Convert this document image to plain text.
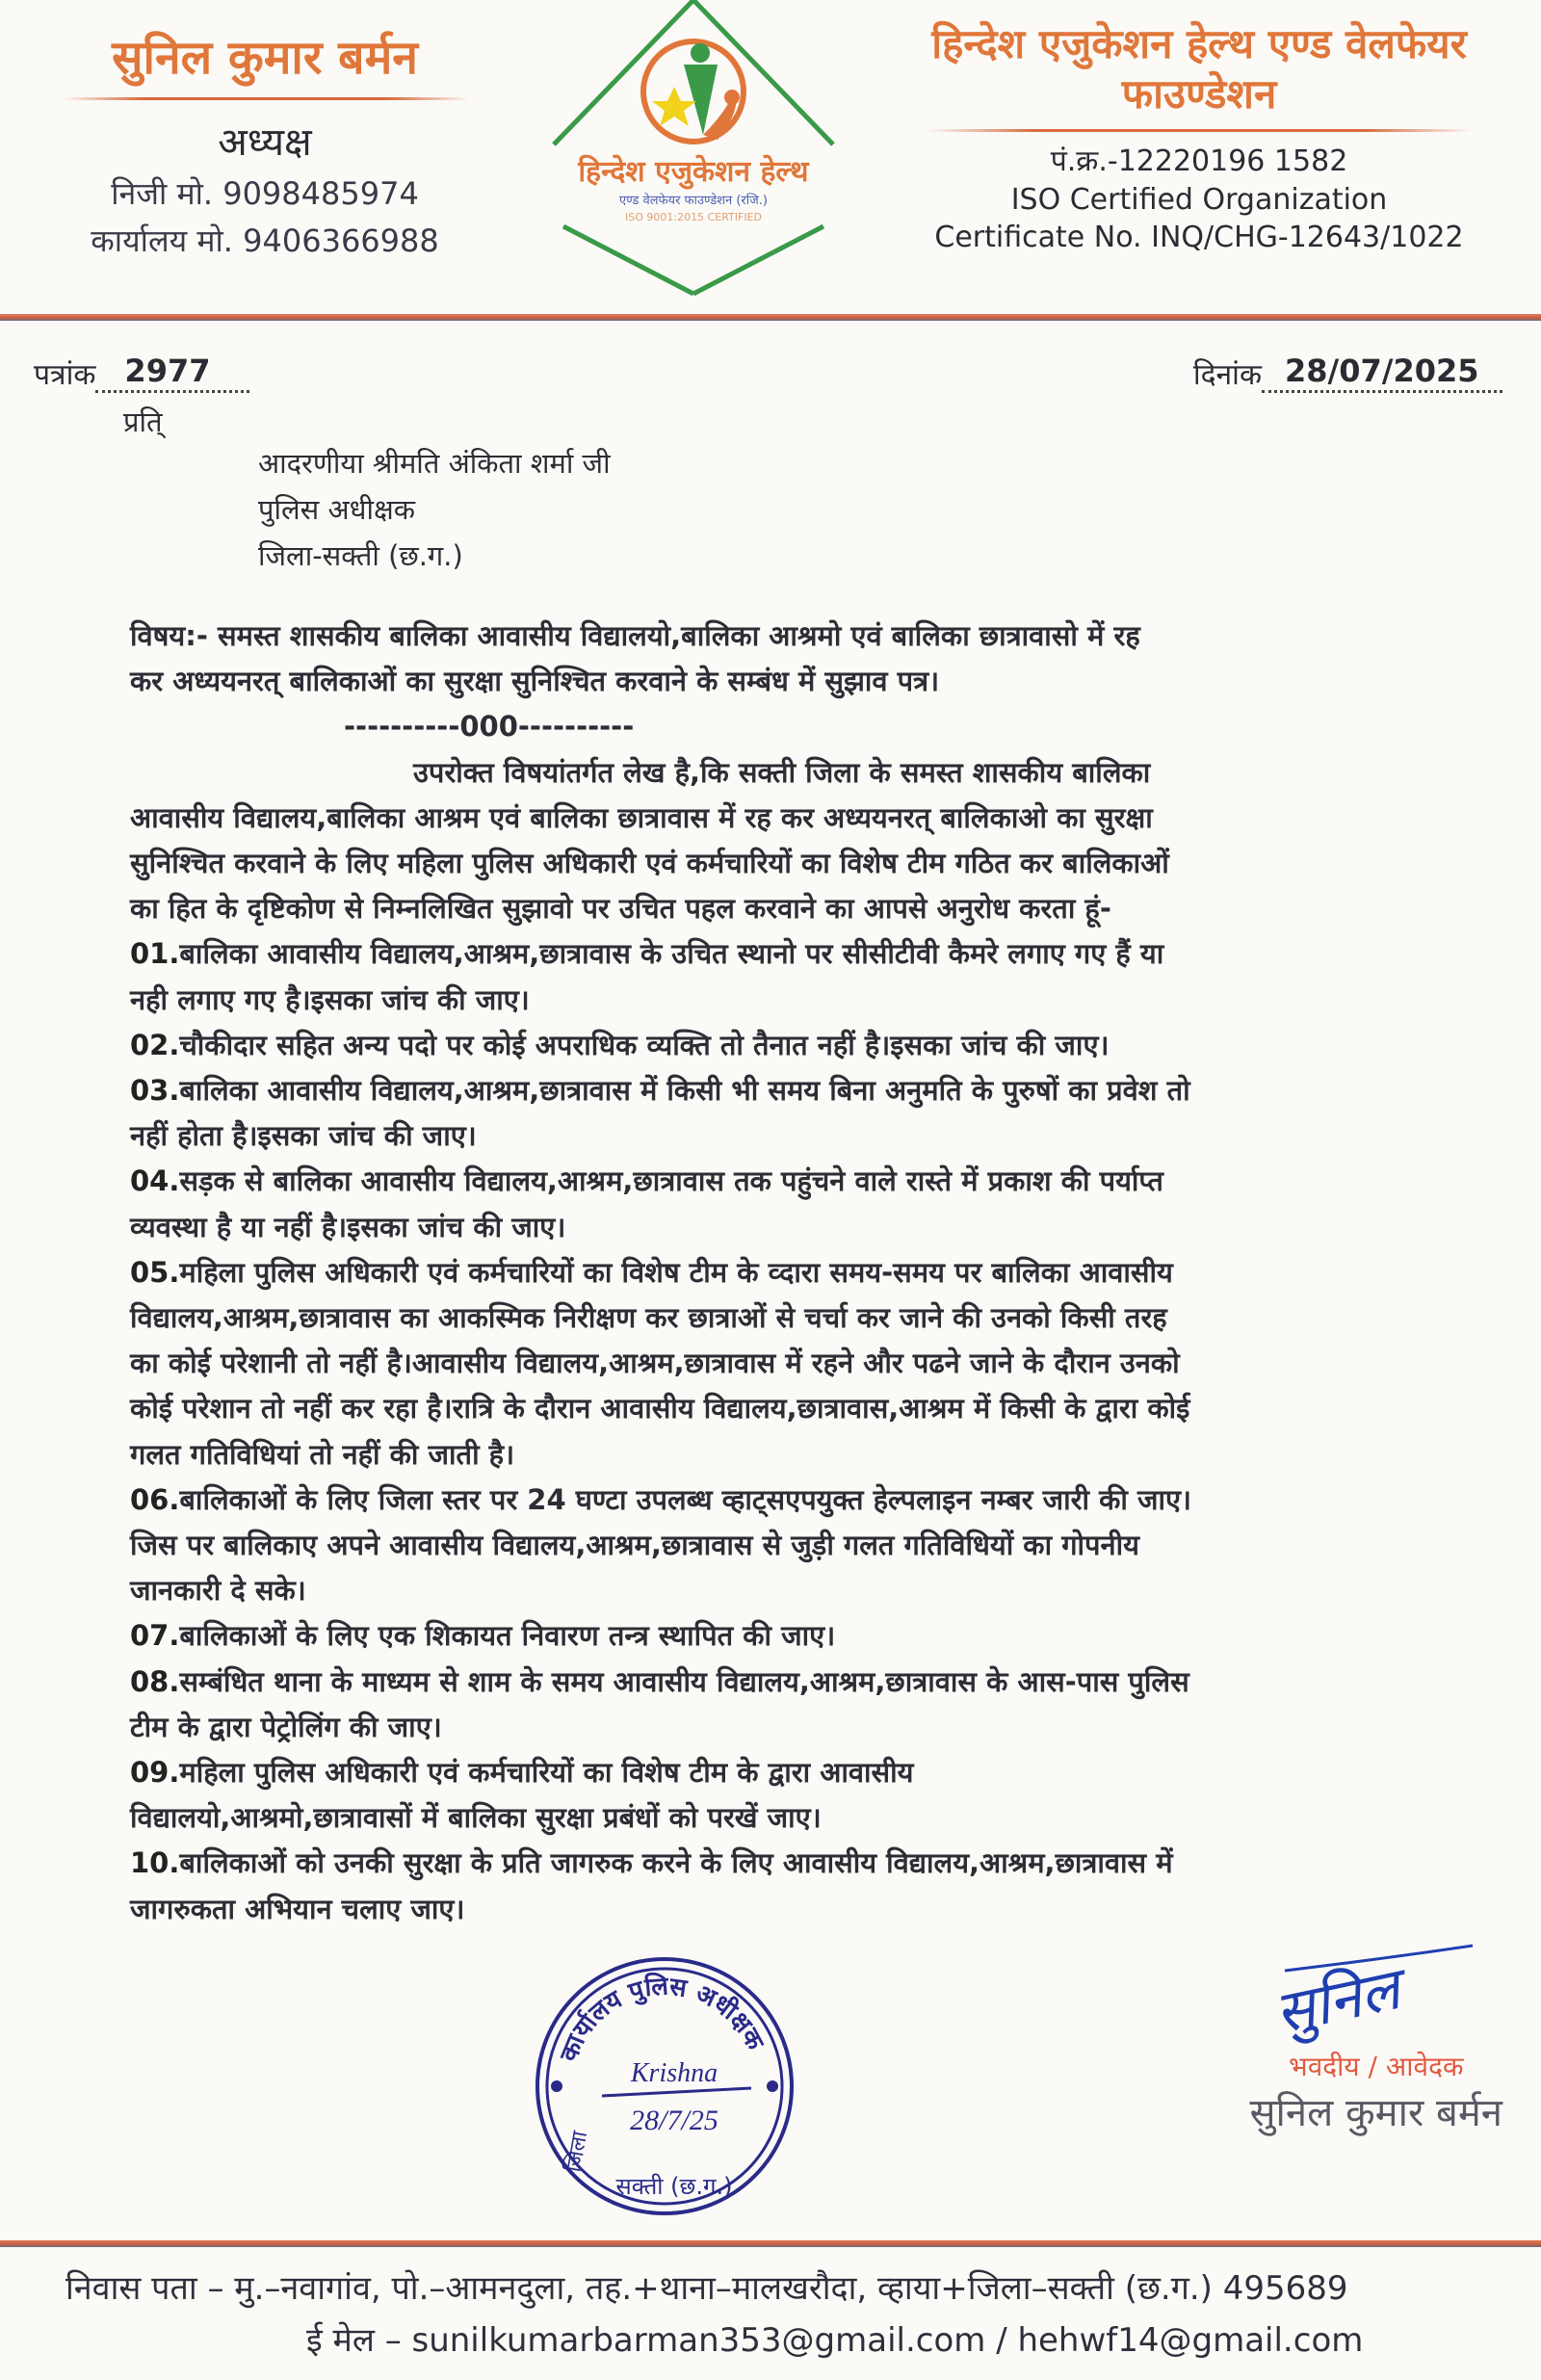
सुनिल कुमार बर्मन
अध्यक्ष
निजी मो. 9098485974
कार्यालय मो. 9406366988
हिन्देश एजुकेशन हेल्थ
एण्ड वेलफेयर फाउण्डेशन (रजि.)
ISO 9001:2015 CERTIFIED
हिन्देश एजुकेशन हेल्थ एण्ड वेलफेयर फाउण्डेशन
पं.क्र.-12220196 1582
ISO Certified Organization
Certificate No. INQ/CHG-12643/1022
पत्रांक 2977	दिनांक 28/07/2025
प्रति्
आदरणीया श्रीमति अंकिता शर्मा जी
पुलिस अधीक्षक
जिला-सक्ती (छ.ग.)
विषय:- समस्त शासकीय बालिका आवासीय विद्यालयो,बालिका आश्रमो एवं बालिका छात्रावासो में रह
कर अध्ययनरत् बालिकाओं का सुरक्षा सुनिश्चित करवाने के सम्बंध में सुझाव पत्र।
----------000----------
उपरोक्त विषयांतर्गत लेख है,कि सक्ती जिला के समस्त शासकीय बालिका
आवासीय विद्यालय,बालिका आश्रम एवं बालिका छात्रावास में रह कर अध्ययनरत् बालिकाओ का सुरक्षा
सुनिश्चित करवाने के लिए महिला पुलिस अधिकारी एवं कर्मचारियों का विशेष टीम गठित कर बालिकाओं
का हित के दृष्टिकोण से निम्नलिखित सुझावो पर उचित पहल करवाने का आपसे अनुरोध करता हूं-
01.बालिका आवासीय विद्यालय,आश्रम,छात्रावास के उचित स्थानो पर सीसीटीवी कैमरे लगाए गए हैं या
नही लगाए गए है।इसका जांच की जाए।
02.चौकीदार सहित अन्य पदो पर कोई अपराधिक व्यक्ति तो तैनात नहीं है।इसका जांच की जाए।
03.बालिका आवासीय विद्यालय,आश्रम,छात्रावास में किसी भी समय बिना अनुमति के पुरुषों का प्रवेश तो
नहीं होता है।इसका जांच की जाए।
04.सड़क से बालिका आवासीय विद्यालय,आश्रम,छात्रावास तक पहुंचने वाले रास्ते में प्रकाश की पर्याप्त
व्यवस्था है या नहीं है।इसका जांच की जाए।
05.महिला पुलिस अधिकारी एवं कर्मचारियों का विशेष टीम के व्दारा समय-समय पर बालिका आवासीय
विद्यालय,आश्रम,छात्रावास का आकस्मिक निरीक्षण कर छात्राओं से चर्चा कर जाने की उनको किसी तरह
का कोई परेशानी तो नहीं है।आवासीय विद्यालय,आश्रम,छात्रावास में रहने और पढने जाने के दौरान उनको
कोई परेशान तो नहीं कर रहा है।रात्रि के दौरान आवासीय विद्यालय,छात्रावास,आश्रम में किसी के द्वारा कोई
गलत गतिविधियां तो नहीं की जाती है।
06.बालिकाओं के लिए जिला स्तर पर 24 घण्टा उपलब्ध व्हाट्सएपयुक्त हेल्पलाइन नम्बर जारी की जाए।
जिस पर बालिकाए अपने आवासीय विद्यालय,आश्रम,छात्रावास से जुड़ी गलत गतिविधियों का गोपनीय
जानकारी दे सके।
07.बालिकाओं के लिए एक शिकायत निवारण तन्त्र स्थापित की जाए।
08.सम्बंधित थाना के माध्यम से शाम के समय आवासीय विद्यालय,आश्रम,छात्रावास के आस-पास पुलिस
टीम के द्वारा पेट्रोलिंग की जाए।
09.महिला पुलिस अधिकारी एवं कर्मचारियों का विशेष टीम के द्वारा आवासीय
विद्यालयो,आश्रमो,छात्रावासों में बालिका सुरक्षा प्रबंधों को परखें जाए।
10.बालिकाओं को उनकी सुरक्षा के प्रति जागरुक करने के लिए आवासीय विद्यालय,आश्रम,छात्रावास में
जागरुकता अभियान चलाए जाए।
कार्यालय पुलिस अधीक्षक
जिला
Krishna
28/7/25
सक्ती (छ.ग.)
सुनिल
भवदीय / आवेदक
सुनिल कुमार बर्मन
निवास पता – मु.–नवागांव, पो.–आमनदुला, तह.+थाना–मालखरौदा, व्हाया+जिला–सक्ती (छ.ग.) 495689
ई मेल – sunilkumarbarman353@gmail.com / hehwf14@gmail.com
